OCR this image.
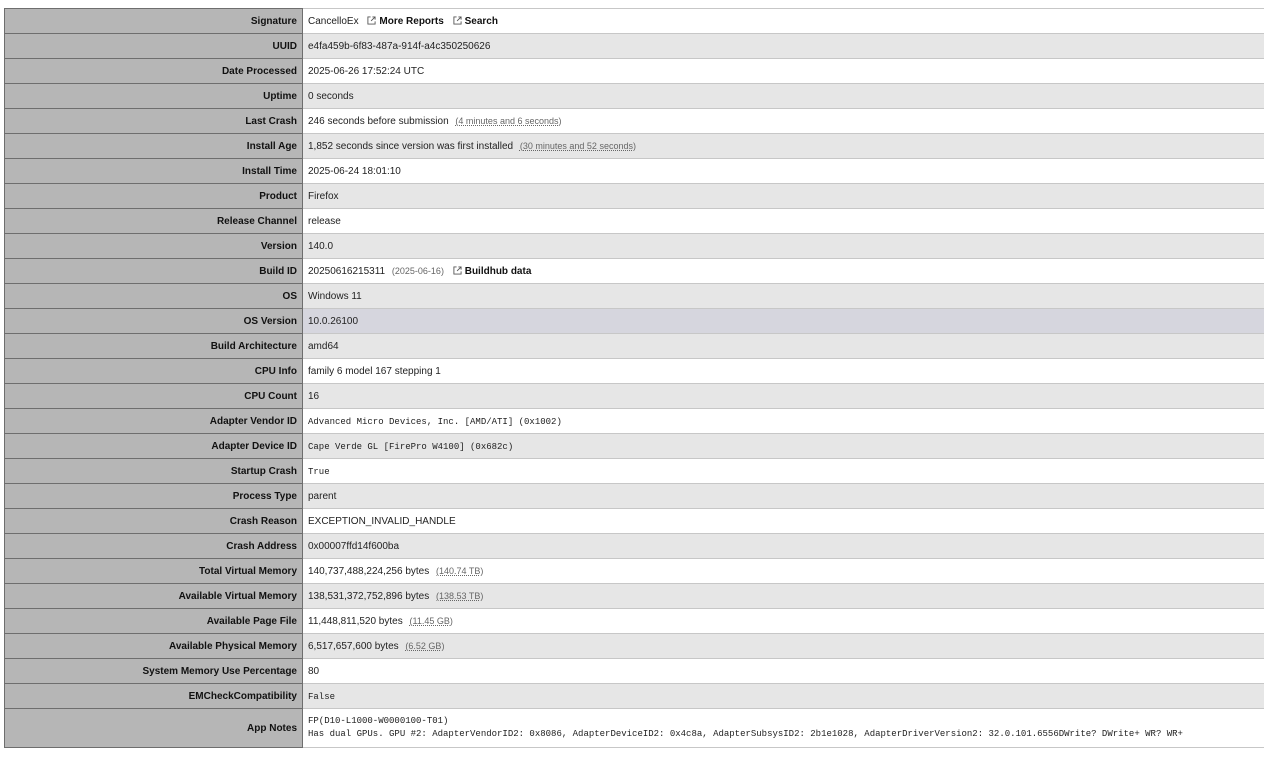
Signature	CancelloEx More Reports Search
UUID	e4fa459b-6f83-487a-914f-a4c350250626
Date Processed	2025-06-26 17:52:24 UTC
Uptime	0 seconds
Last Crash	246 seconds before submission (4 minutes and 6 seconds)
Install Age	1,852 seconds since version was first installed (30 minutes and 52 seconds)
Install Time	2025-06-24 18:01:10
Product	Firefox
Release Channel	release
Version	140.0
Build ID	20250616215311 (2025-06-16) Buildhub data
OS	Windows 11
OS Version	10.0.26100
Build Architecture	amd64
CPU Info	family 6 model 167 stepping 1
CPU Count	16
Adapter Vendor ID	Advanced Micro Devices, Inc. [AMD/ATI] (0x1002)
Adapter Device ID	Cape Verde GL [FirePro W4100] (0x682c)
Startup Crash	True
Process Type	parent
Crash Reason	EXCEPTION_INVALID_HANDLE
Crash Address	0x00007ffd14f600ba
Total Virtual Memory	140,737,488,224,256 bytes (140.74 TB)
Available Virtual Memory	138,531,372,752,896 bytes (138.53 TB)
Available Page File	11,448,811,520 bytes (11.45 GB)
Available Physical Memory	6,517,657,600 bytes (6.52 GB)
System Memory Use Percentage	80
EMCheckCompatibility	False
App Notes	FP(D10-L1000-W0000100-T01)
Has dual GPUs. GPU #2: AdapterVendorID2: 0x8086, AdapterDeviceID2: 0x4c8a, AdapterSubsysID2: 2b1e1028, AdapterDriverVersion2: 32.0.101.6556DWrite? DWrite+ WR? WR+
